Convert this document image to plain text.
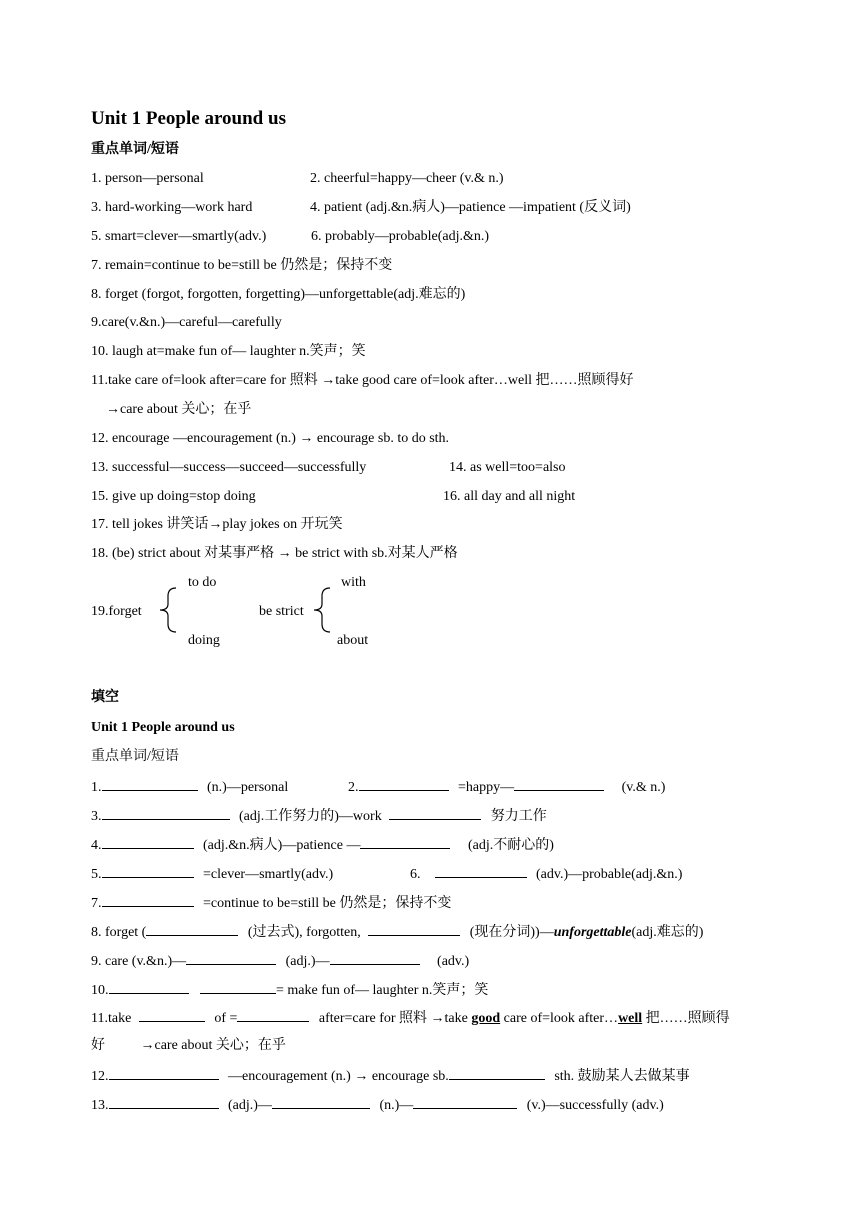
Unit 1 People around us
重点单词/短语
1. person—personal	2. cheerful=happy—cheer (v.& n.)
3. hard-working—work hard	4. patient (adj.&n.病人)—patience —impatient (反义词)
5. smart=clever—smartly(adv.)	6. probably—probable(adj.&n.)
7. remain=continue to be=still be 仍然是；保持不变
8. forget (forgot, forgotten, forgetting)—unforgettable(adj.难忘的)
9.care(v.&n.)—careful—carefully
10. laugh at=make fun of— laughter n.笑声；笑
11.take care of=look after=care for 照料 →take good care of=look after…well 把……照顾得好
→care about 关心；在乎
12. encourage —encouragement (n.) → encourage sb. to do sth.
13. successful—success—succeed—successfully	14. as well=too=also
15. give up doing=stop doing	16. all day and all night
17. tell jokes 讲笑话→play jokes on 开玩笑
18. (be) strict about 对某事严格 → be strict with sb.对某人严格
to do
19.forget
doing
with
be strict
about
填空
Unit 1 People around us
重点单词/短语
1.	(n.)—personal	2.	=happy—	(v.& n.)
3.	(adj.工作努力的)—work	努力工作
4.	(adj.&n.病人)—patience —	(adj.不耐心的)
5.	=clever—smartly(adv.)	6.	(adv.)—probable(adj.&n.)
7.	=continue to be=still be 仍然是；保持不变
8. forget (	(过去式), forgotten,	(现在分词))—unforgettable(adj.难忘的)
9. care (v.&n.)—	(adj.)—	(adv.)
10.	= make fun of— laughter n.笑声；笑
11.take	of =	after=care for 照料 →take good care of=look after…well 把……照顾得
好	→care about 关心；在乎
12.	—encouragement (n.) → encourage sb.	sth. 鼓励某人去做某事
13.	(adj.)—	(n.)—	(v.)—successfully (adv.)
